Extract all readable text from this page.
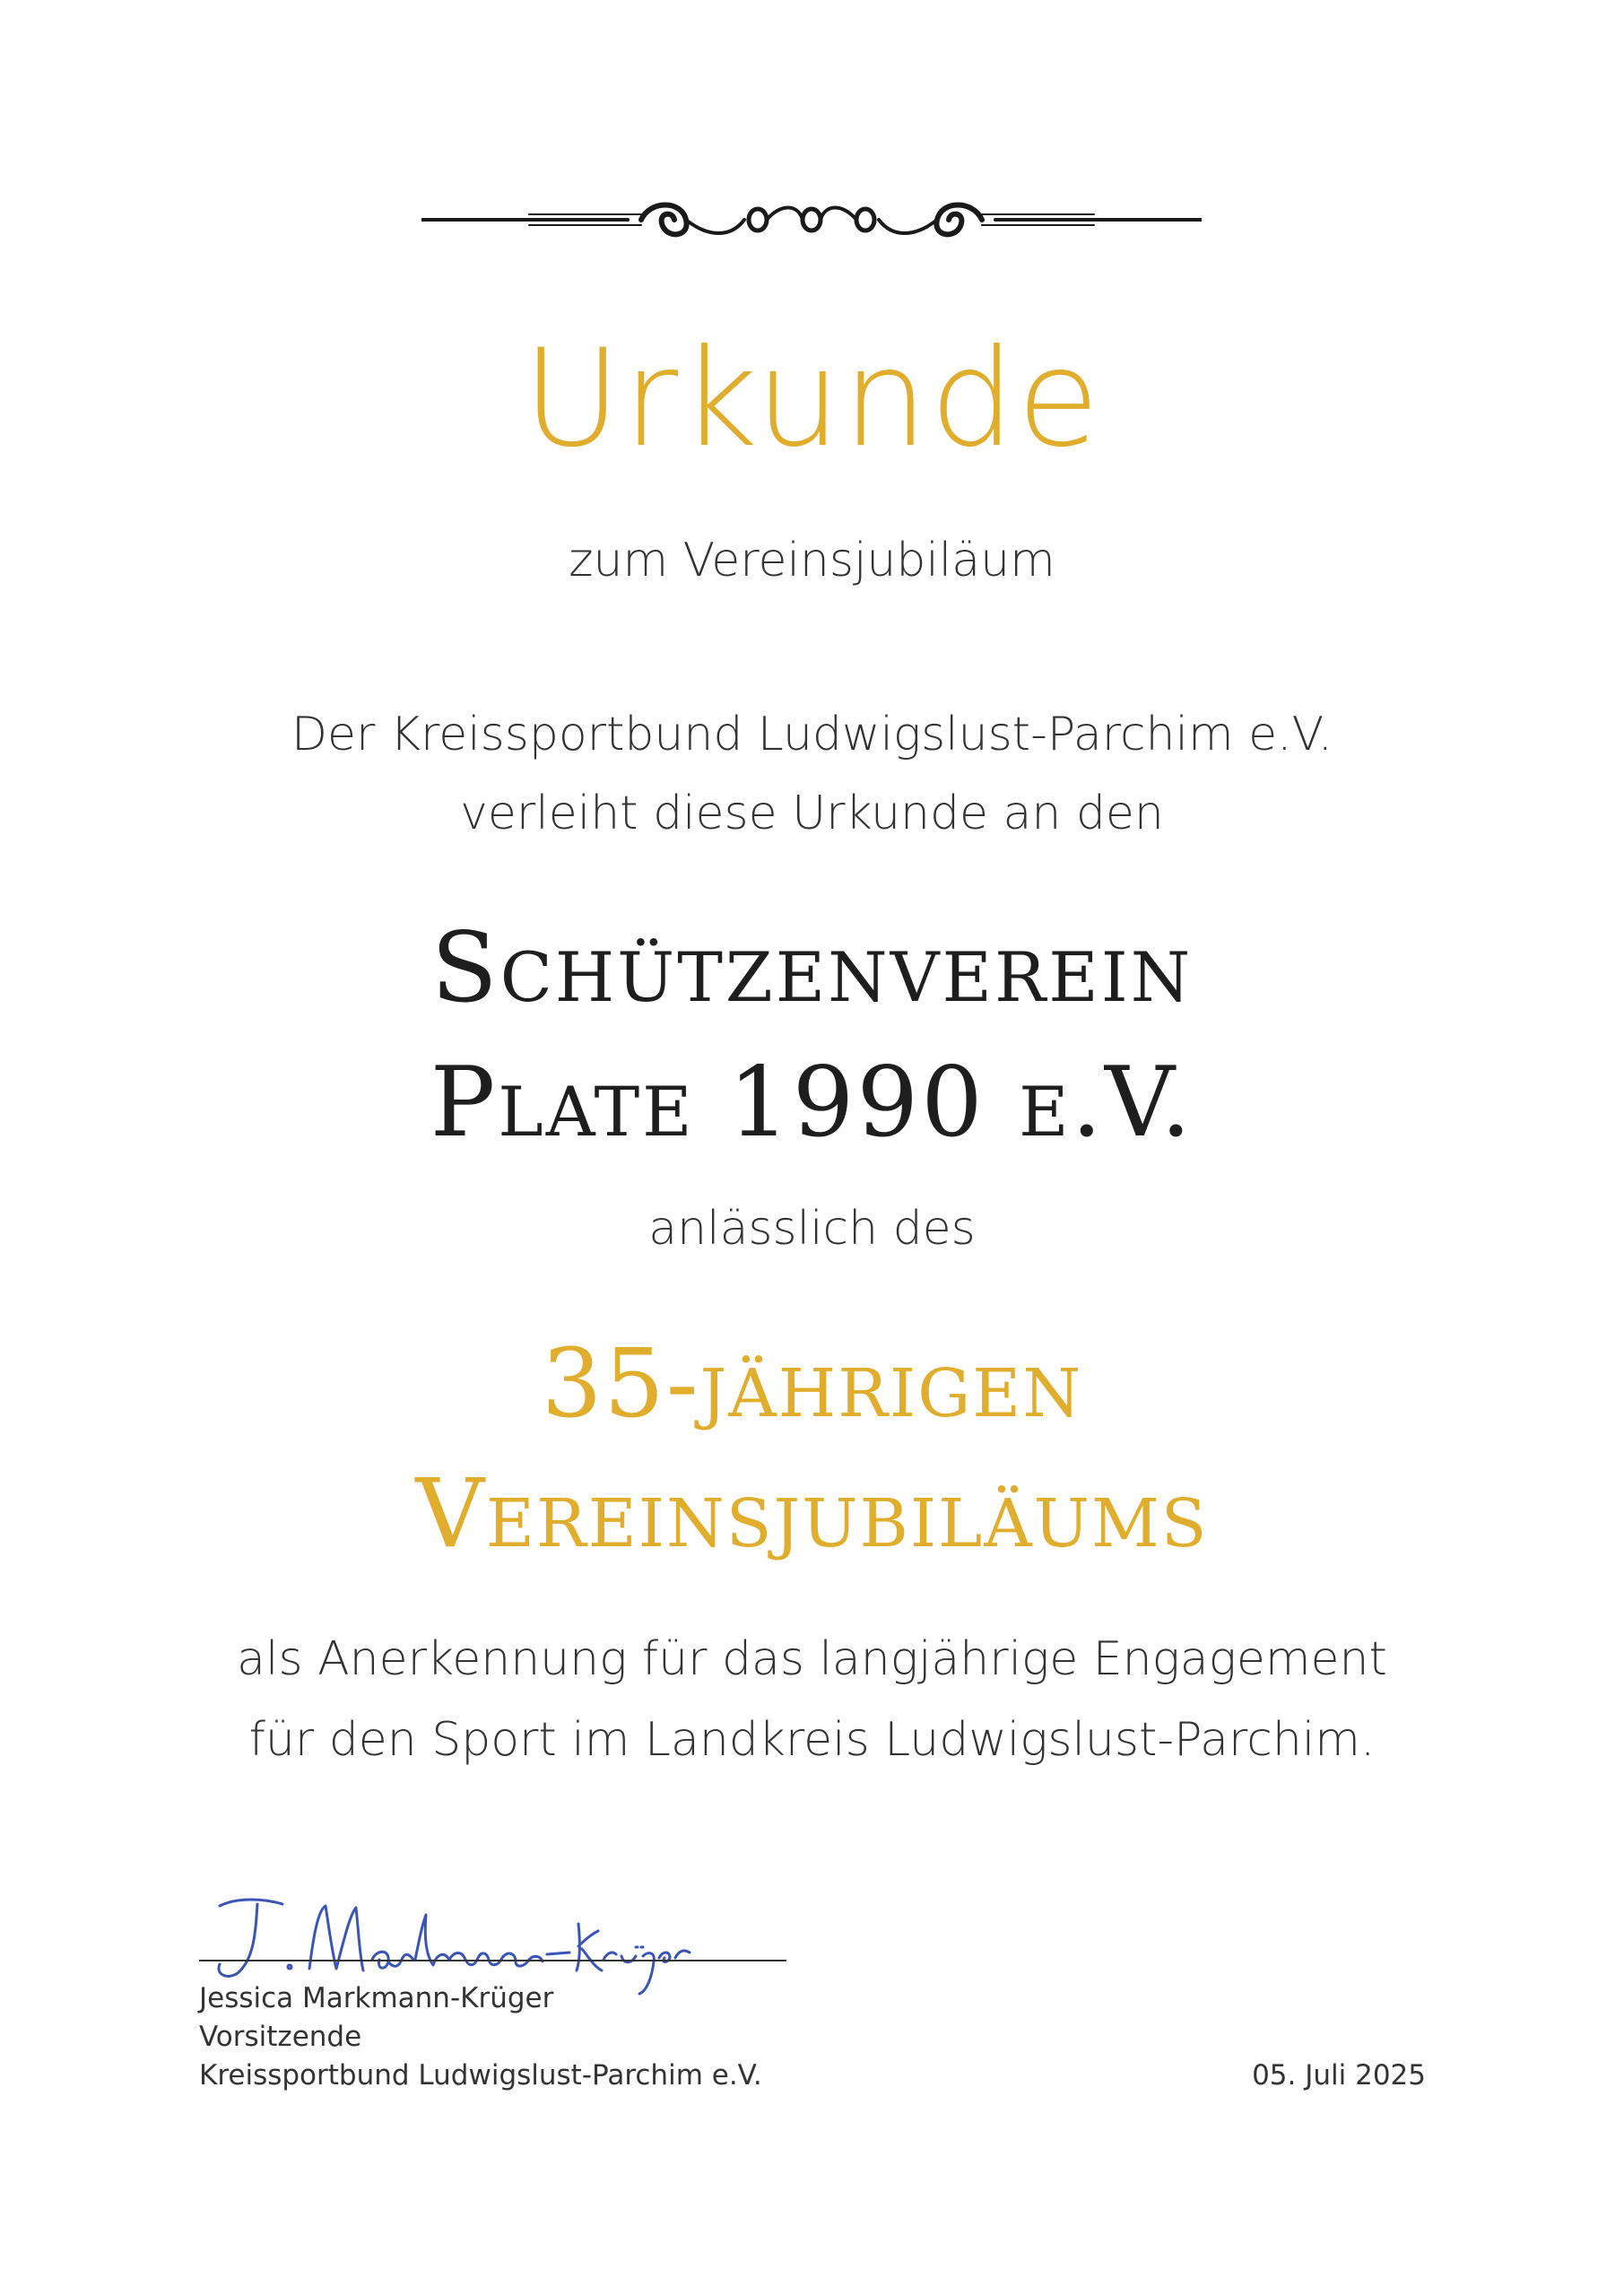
Urkunde
zum Vereinsjubiläum
Der Kreissportbund Ludwigslust-Parchim e.V.
verleiht diese Urkunde an den
Schützenverein
Plate 1990 e.V.
anlässlich des
35-jährigen
Vereinsjubiläums
als Anerkennung für das langjährige Engagement
für den Sport im Landkreis Ludwigslust-Parchim.
Jessica Markmann-Krüger
Vorsitzende
Kreissportbund Ludwigslust-Parchim e.V.	05. Juli 2025
